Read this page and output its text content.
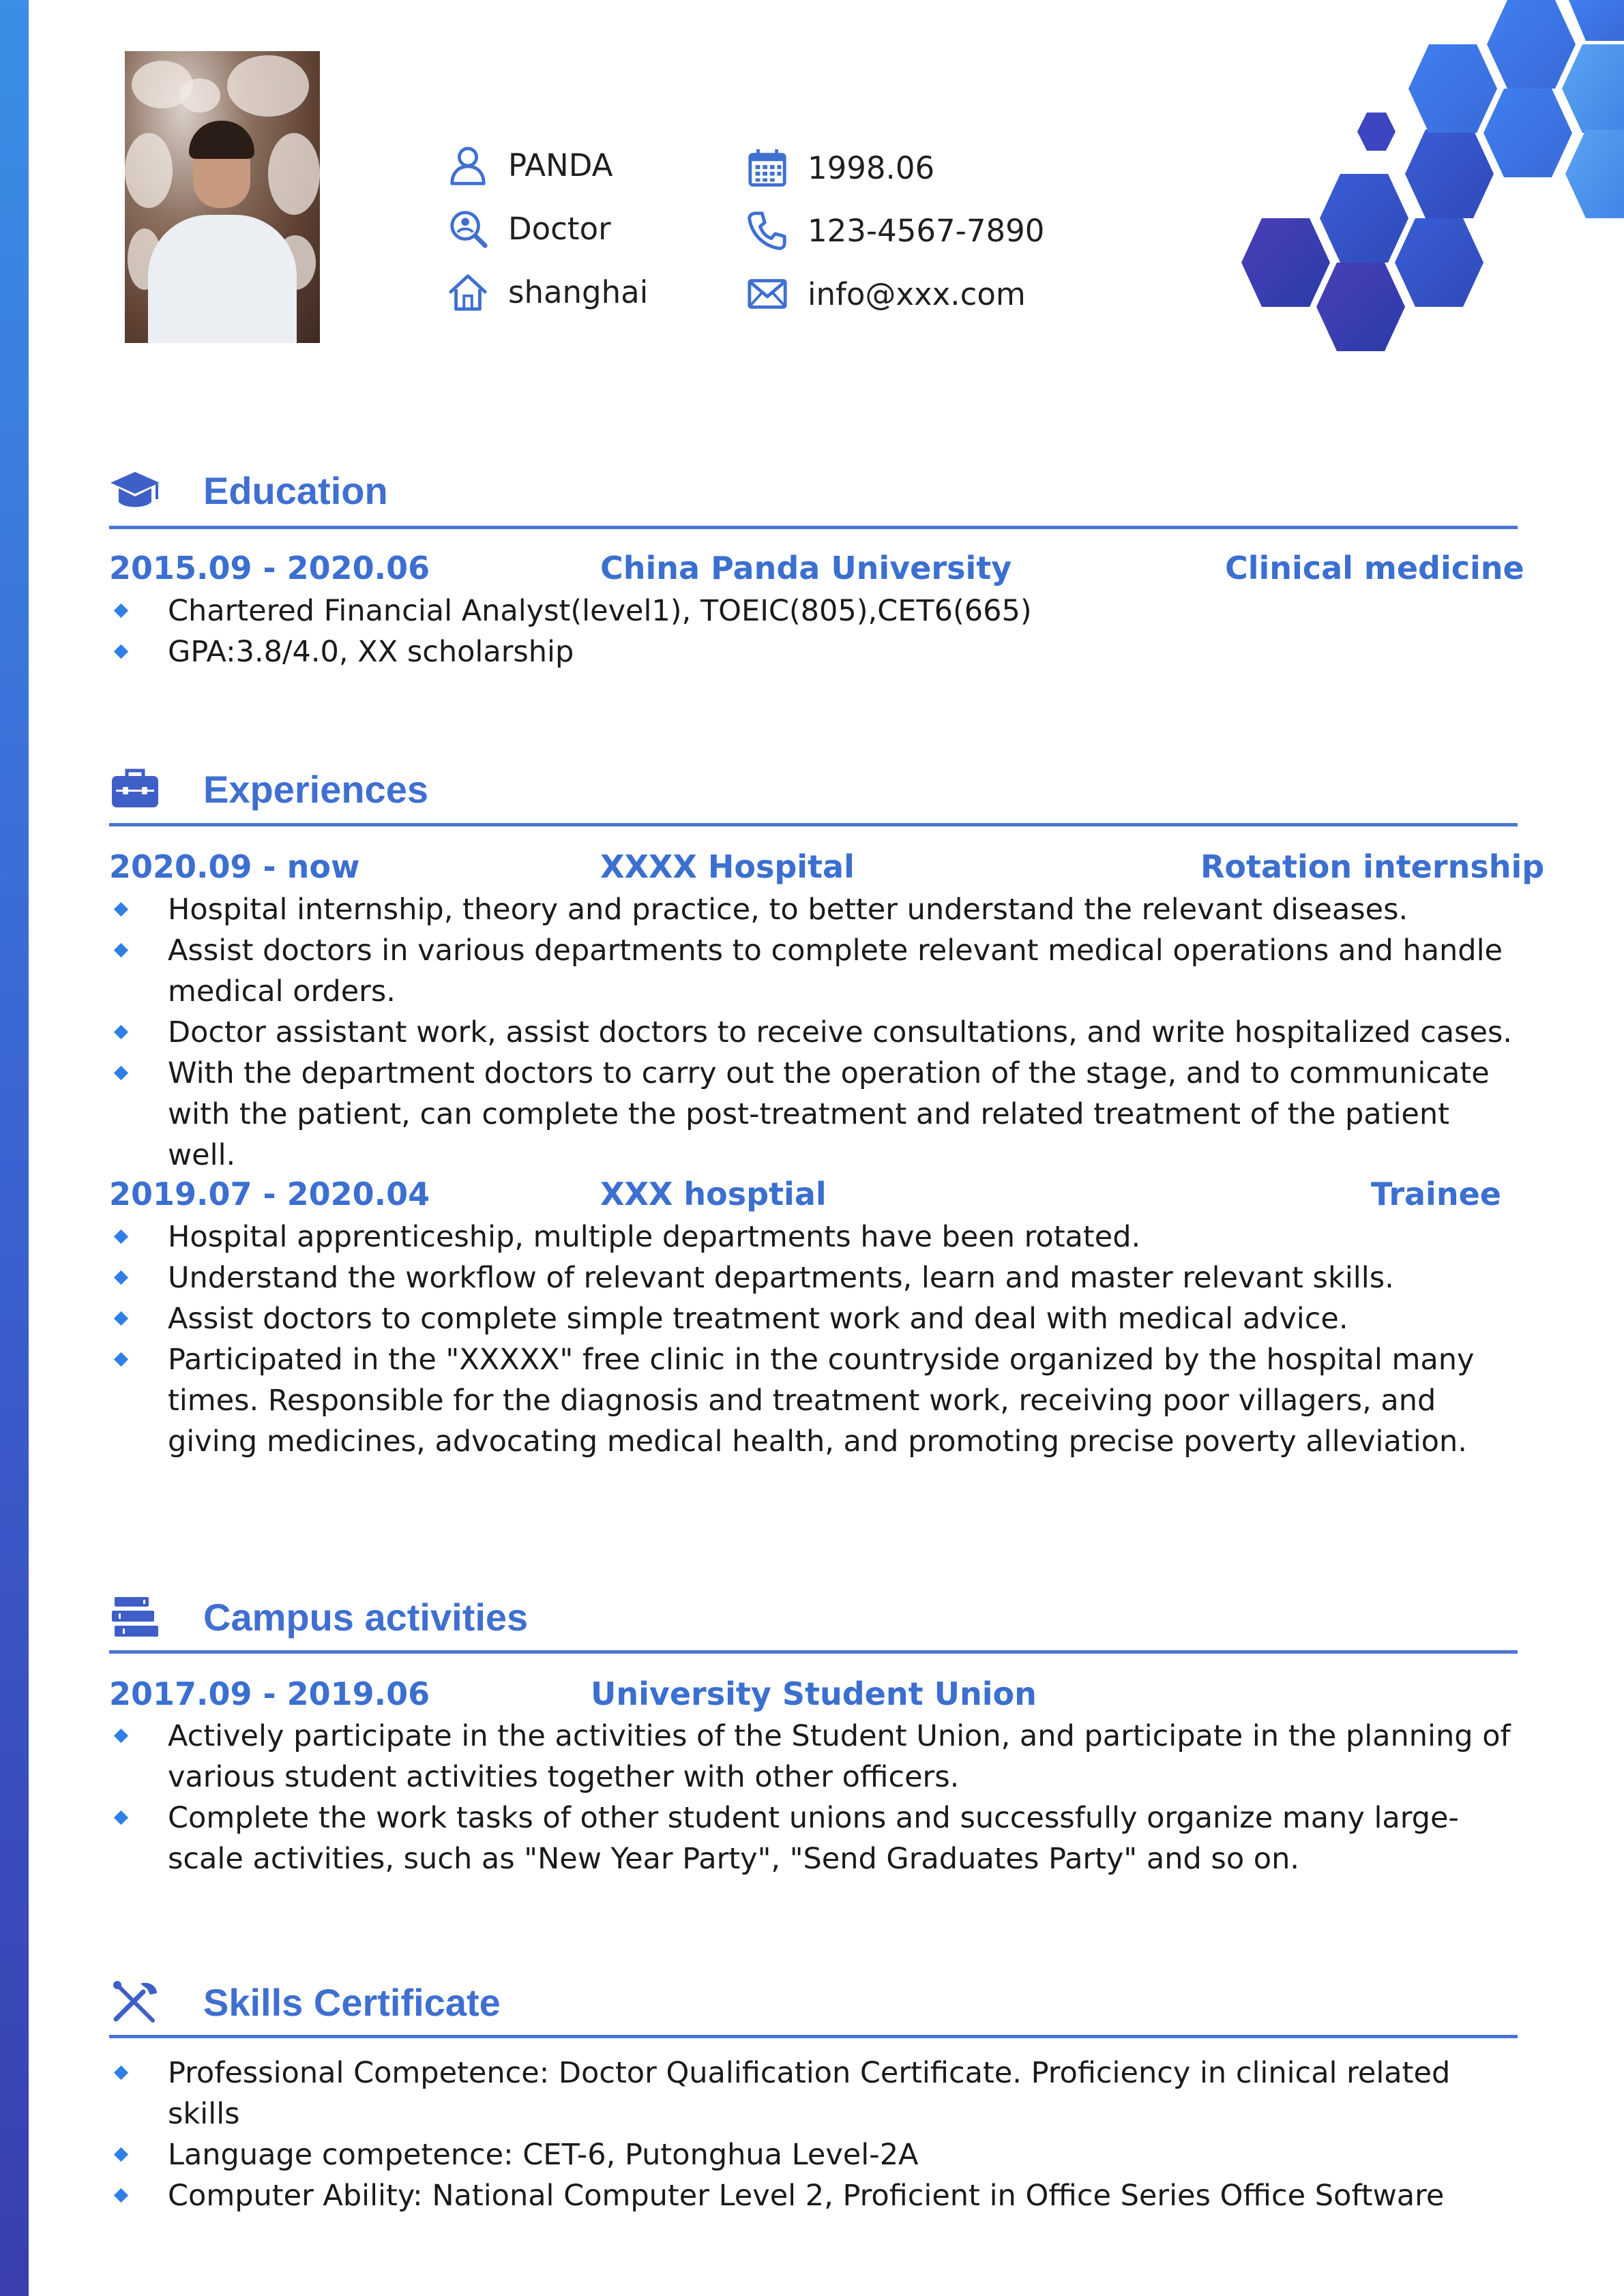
PANDA
Doctor
shanghai
1998.06
123-4567-7890
info@xxx.com
Education
2015.09 - 2020.06	China Panda University	Clinical medicine
Chartered Financial Analyst(level1), TOEIC(805),CET6(665)
GPA:3.8/4.0, XX scholarship
Experiences
2020.09 - now	XXXX Hospital	Rotation internship
Hospital internship, theory and practice, to better understand the relevant diseases.
Assist doctors in various departments to complete relevant medical operations and handle medical orders.
Doctor assistant work, assist doctors to receive consultations, and write hospitalized cases.
With the department doctors to carry out the operation of the stage, and to communicate with the patient, can complete the post-treatment and related treatment of the patient well.
2019.07 - 2020.04	XXX hosptial	Trainee
Hospital apprenticeship, multiple departments have been rotated.
Understand the workflow of relevant departments, learn and master relevant skills.
Assist doctors to complete simple treatment work and deal with medical advice.
Participated in the "XXXXX" free clinic in the countryside organized by the hospital many times. Responsible for the diagnosis and treatment work, receiving poor villagers, and giving medicines, advocating medical health, and promoting precise poverty alleviation.
Campus activities
2017.09 - 2019.06	University Student Union
Actively participate in the activities of the Student Union, and participate in the planning of various student activities together with other officers.
Complete the work tasks of other student unions and successfully organize many large-scale activities, such as "New Year Party", "Send Graduates Party" and so on.
Skills Certificate
Professional Competence: Doctor Qualification Certificate. Proficiency in clinical related skills
Language competence: CET-6, Putonghua Level-2A
Computer Ability: National Computer Level 2, Proficient in Office Series Office Software
